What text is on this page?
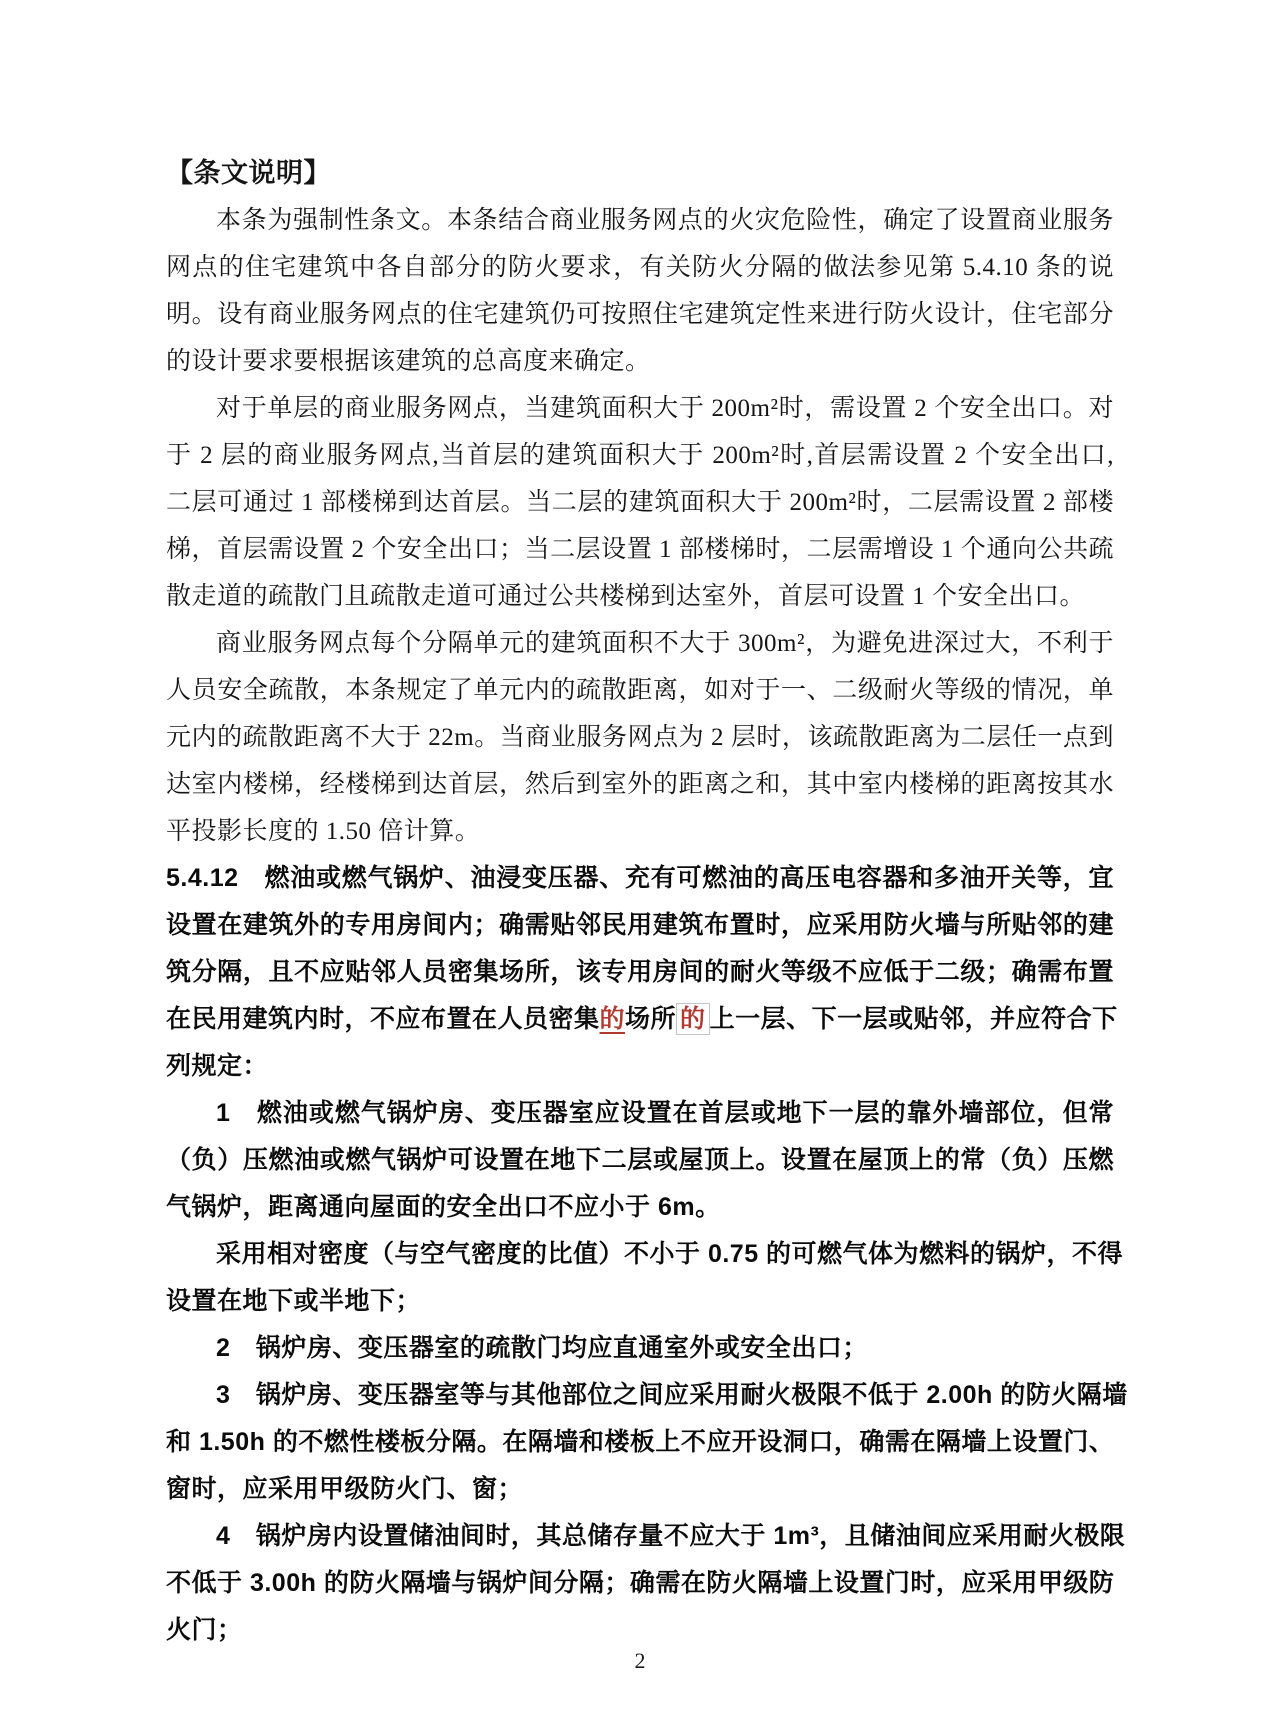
【条文说明】
本条为强制性条文。本条结合商业服务网点的火灾危险性，确定了设置商业服务
网点的住宅建筑中各自部分的防火要求，有关防火分隔的做法参见第 5.4.10 条的说
明。设有商业服务网点的住宅建筑仍可按照住宅建筑定性来进行防火设计，住宅部分
的设计要求要根据该建筑的总高度来确定。
对于单层的商业服务网点，当建筑面积大于 200m²时，需设置 2 个安全出口。对
于 2 层的商业服务网点,当首层的建筑面积大于 200m²时,首层需设置 2 个安全出口,
二层可通过 1 部楼梯到达首层。当二层的建筑面积大于 200m²时，二层需设置 2 部楼
梯，首层需设置 2 个安全出口；当二层设置 1 部楼梯时，二层需增设 1 个通向公共疏
散走道的疏散门且疏散走道可通过公共楼梯到达室外，首层可设置 1 个安全出口。
商业服务网点每个分隔单元的建筑面积不大于 300m²，为避免进深过大，不利于
人员安全疏散，本条规定了单元内的疏散距离，如对于一、二级耐火等级的情况，单
元内的疏散距离不大于 22m。当商业服务网点为 2 层时，该疏散距离为二层任一点到
达室内楼梯，经楼梯到达首层，然后到室外的距离之和，其中室内楼梯的距离按其水
平投影长度的 1.50 倍计算。
5.4.12　燃油或燃气锅炉、油浸变压器、充有可燃油的高压电容器和多油开关等，宜
设置在建筑外的专用房间内；确需贴邻民用建筑布置时，应采用防火墙与所贴邻的建
筑分隔，且不应贴邻人员密集场所，该专用房间的耐火等级不应低于二级；确需布置
在民用建筑内时，不应布置在人员密集的场所 的 上一层、下一层或贴邻，并应符合下
列规定：
1　燃油或燃气锅炉房、变压器室应设置在首层或地下一层的靠外墙部位，但常
（负）压燃油或燃气锅炉可设置在地下二层或屋顶上。设置在屋顶上的常（负）压燃
气锅炉，距离通向屋面的安全出口不应小于 6m。
采用相对密度（与空气密度的比值）不小于 0.75 的可燃气体为燃料的锅炉，不得
设置在地下或半地下；
2　锅炉房、变压器室的疏散门均应直通室外或安全出口；
3　锅炉房、变压器室等与其他部位之间应采用耐火极限不低于 2.00h 的防火隔墙
和 1.50h 的不燃性楼板分隔。在隔墙和楼板上不应开设洞口，确需在隔墙上设置门、
窗时，应采用甲级防火门、窗；
4　锅炉房内设置储油间时，其总储存量不应大于 1m³，且储油间应采用耐火极限
不低于 3.00h 的防火隔墙与锅炉间分隔；确需在防火隔墙上设置门时，应采用甲级防
火门；
2
